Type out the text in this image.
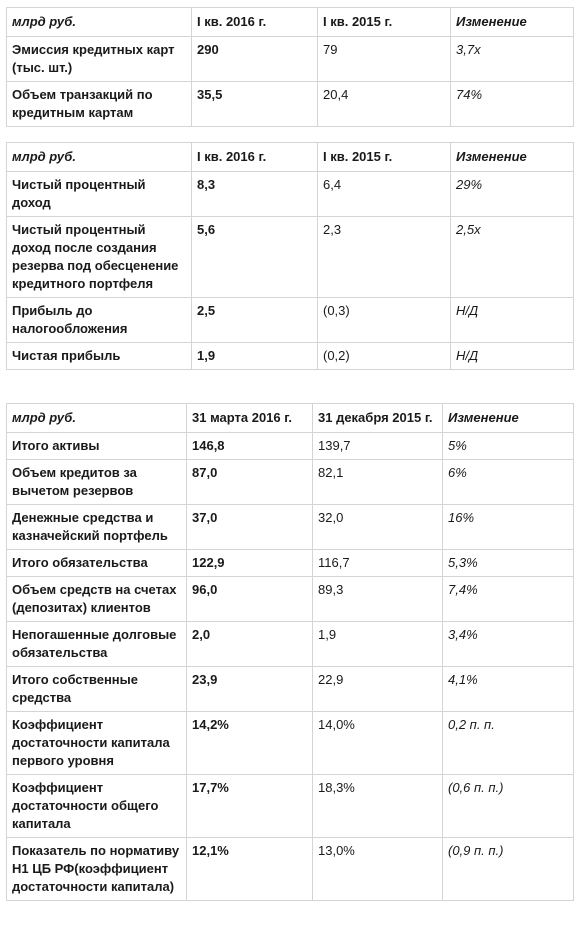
млрд руб.	I кв. 2016 г.	I кв. 2015 г.	Изменение
Эмиссия кредитных карт (тыс. шт.)	290	79	3,7x
Объем транзакций по кредитным картам	35,5	20,4	74%
млрд руб.	I кв. 2016 г.	I кв. 2015 г.	Изменение
Чистый процентный доход	8,3	6,4	29%
Чистый процентный доход после создания резерва под обесценение кредитного портфеля	5,6	2,3	2,5x
Прибыль до налогообложения	2,5	(0,3)	Н/Д
Чистая прибыль	1,9	(0,2)	Н/Д
млрд руб.	31 марта 2016 г.	31 декабря 2015 г.	Изменение
Итого активы	146,8	139,7	5%
Объем кредитов за вычетом резервов	87,0	82,1	6%
Денежные средства и казначейский портфель	37,0	32,0	16%
Итого обязательства	122,9	116,7	5,3%
Объем средств на счетах (депозитах) клиентов	96,0	89,3	7,4%
Непогашенные долговые обязательства	2,0	1,9	3,4%
Итого собственные средства	23,9	22,9	4,1%
Коэффициент достаточности капитала первого уровня	14,2%	14,0%	0,2 п. п.
Коэффициент достаточности общего капитала	17,7%	18,3%	(0,6 п. п.)
Показатель по нормативу Н1 ЦБ РФ(коэффициент достаточности капитала)	12,1%	13,0%	(0,9 п. п.)
